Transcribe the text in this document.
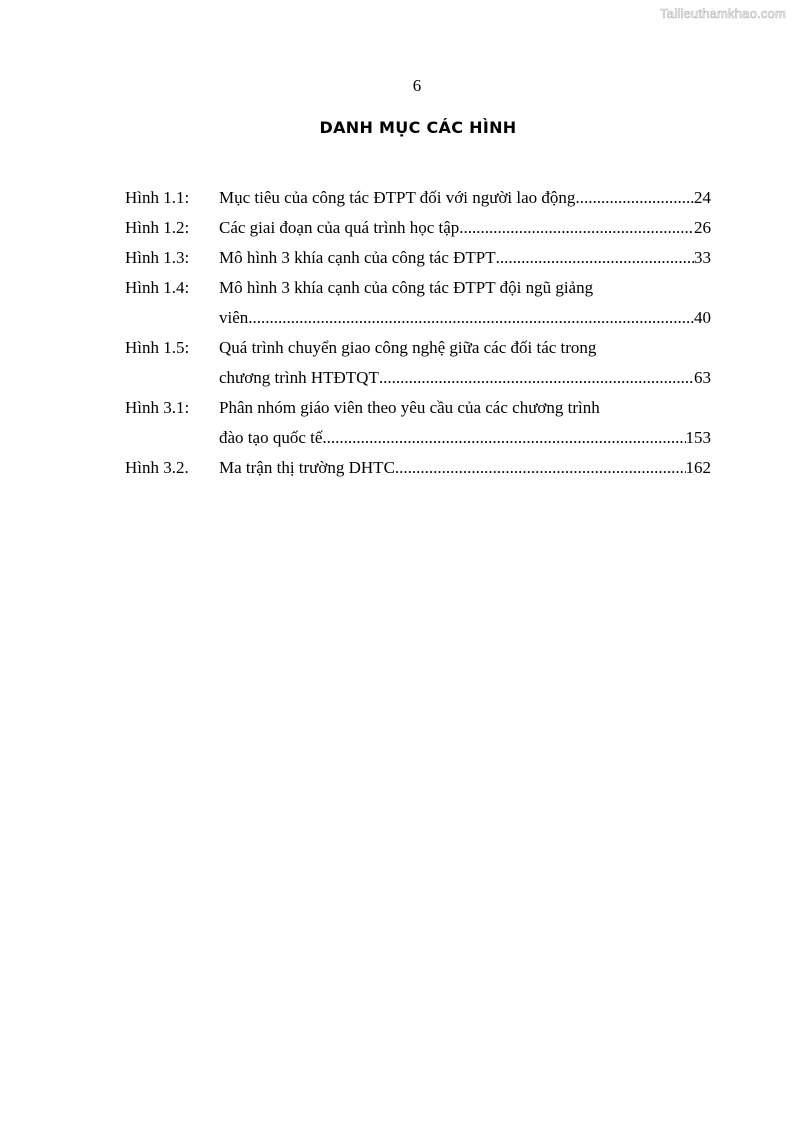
Tailieuthamkhao.com
6
DANH MỤC CÁC HÌNH
Hình 1.1:	Mục tiêu của công tác ĐTPT đối với người lao động .....	24
Hình 1.2:	Các giai đoạn của quá trình học tập .....	26
Hình 1.3:	Mô hình 3 khía cạnh của công tác ĐTPT .....	33
Hình 1.4:	Mô hình 3 khía cạnh của công tác ĐTPT đội ngũ giảng
viên .....	40
Hình 1.5:	Quá trình chuyển giao công nghệ giữa các đối tác trong
chương trình HTĐTQT .....	63
Hình 3.1:	Phân nhóm giáo viên theo yêu cầu của các chương trình
đào tạo quốc tế .....	153
Hình 3.2.	Ma trận thị trường DHTC .....	162
